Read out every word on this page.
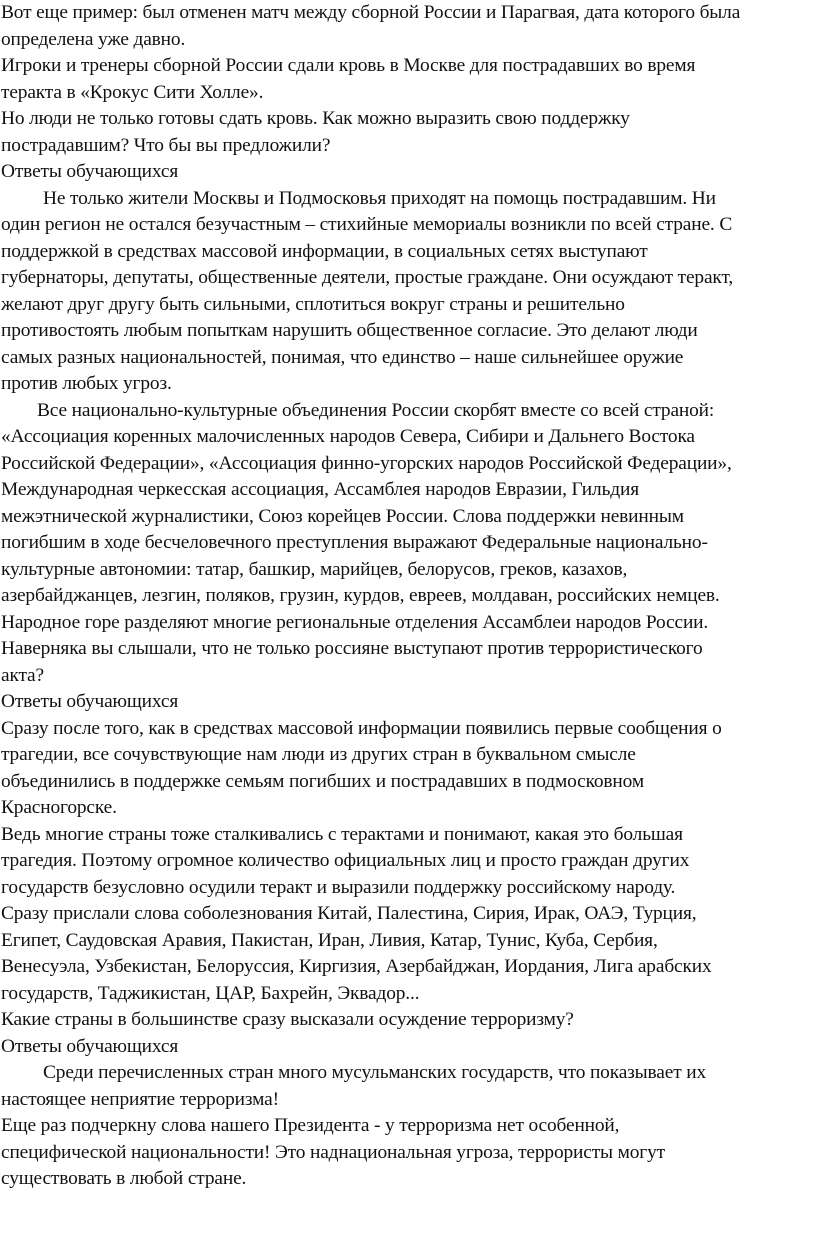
Вот еще пример: был отменен матч между сборной России и Парагвая, дата которого была
определена уже давно.

Игроки и тренеры сборной России сдали кровь в Москве для пострадавших во время
теракта в «Крокус Сити Холле».

Но люди не только готовы сдать кровь. Как можно выразить свою поддержку
пострадавшим? Что бы вы предложили?

Ответы обучающихся

Не только жители Москвы и Подмосковья приходят на помощь пострадавшим. Ни
один регион не остался безучастным – стихийные мемориалы возникли по всей стране. С
поддержкой в средствах массовой информации, в социальных сетях выступают
губернаторы, депутаты, общественные деятели, простые граждане. Они осуждают теракт,
желают друг другу быть сильными, сплотиться вокруг страны и решительно
противостоять любым попыткам нарушить общественное согласие. Это делают люди
самых разных национальностей, понимая, что единство – наше сильнейшее оружие
против любых угроз.

Все национально-культурные объединения России скорбят вместе со всей страной:
«Ассоциация коренных малочисленных народов Севера, Сибири и Дальнего Востока
Российской Федерации», «Ассоциация финно-угорских народов Российской Федерации»,
Международная черкесская ассоциация, Ассамблея народов Евразии, Гильдия
межэтнической журналистики, Союз корейцев России. Слова поддержки невинным
погибшим в ходе бесчеловечного преступления выражают Федеральные национально-
культурные автономии: татар, башкир, марийцев, белорусов, греков, казахов,
азербайджанцев, лезгин, поляков, грузин, курдов, евреев, молдаван, российских немцев.
Народное горе разделяют многие региональные отделения Ассамблеи народов России.

Наверняка вы слышали, что не только россияне выступают против террористического
акта?

Ответы обучающихся

Сразу после того, как в средствах массовой информации появились первые сообщения о
трагедии, все сочувствующие нам люди из других стран в буквальном смысле
объединились в поддержке семьям погибших и пострадавших в подмосковном
Красногорске.

Ведь многие страны тоже сталкивались с терактами и понимают, какая это большая
трагедия. Поэтому огромное количество официальных лиц и просто граждан других
государств безусловно осудили теракт и выразили поддержку российскому народу.

Сразу прислали слова соболезнования Китай, Палестина, Сирия, Ирак, ОАЭ, Турция,
Египет, Саудовская Аравия, Пакистан, Иран, Ливия, Катар, Тунис, Куба, Сербия,
Венесуэла, Узбекистан, Белоруссия, Киргизия, Азербайджан, Иордания, Лига арабских
государств, Таджикистан, ЦАР, Бахрейн, Эквадор...

Какие страны в большинстве сразу высказали осуждение терроризму?

Ответы обучающихся

Среди перечисленных стран много мусульманских государств, что показывает их
настоящее неприятие терроризма!

Еще раз подчеркну слова нашего Президента - у терроризма нет особенной,
специфической национальности! Это наднациональная угроза, террористы могут
существовать в любой стране.
